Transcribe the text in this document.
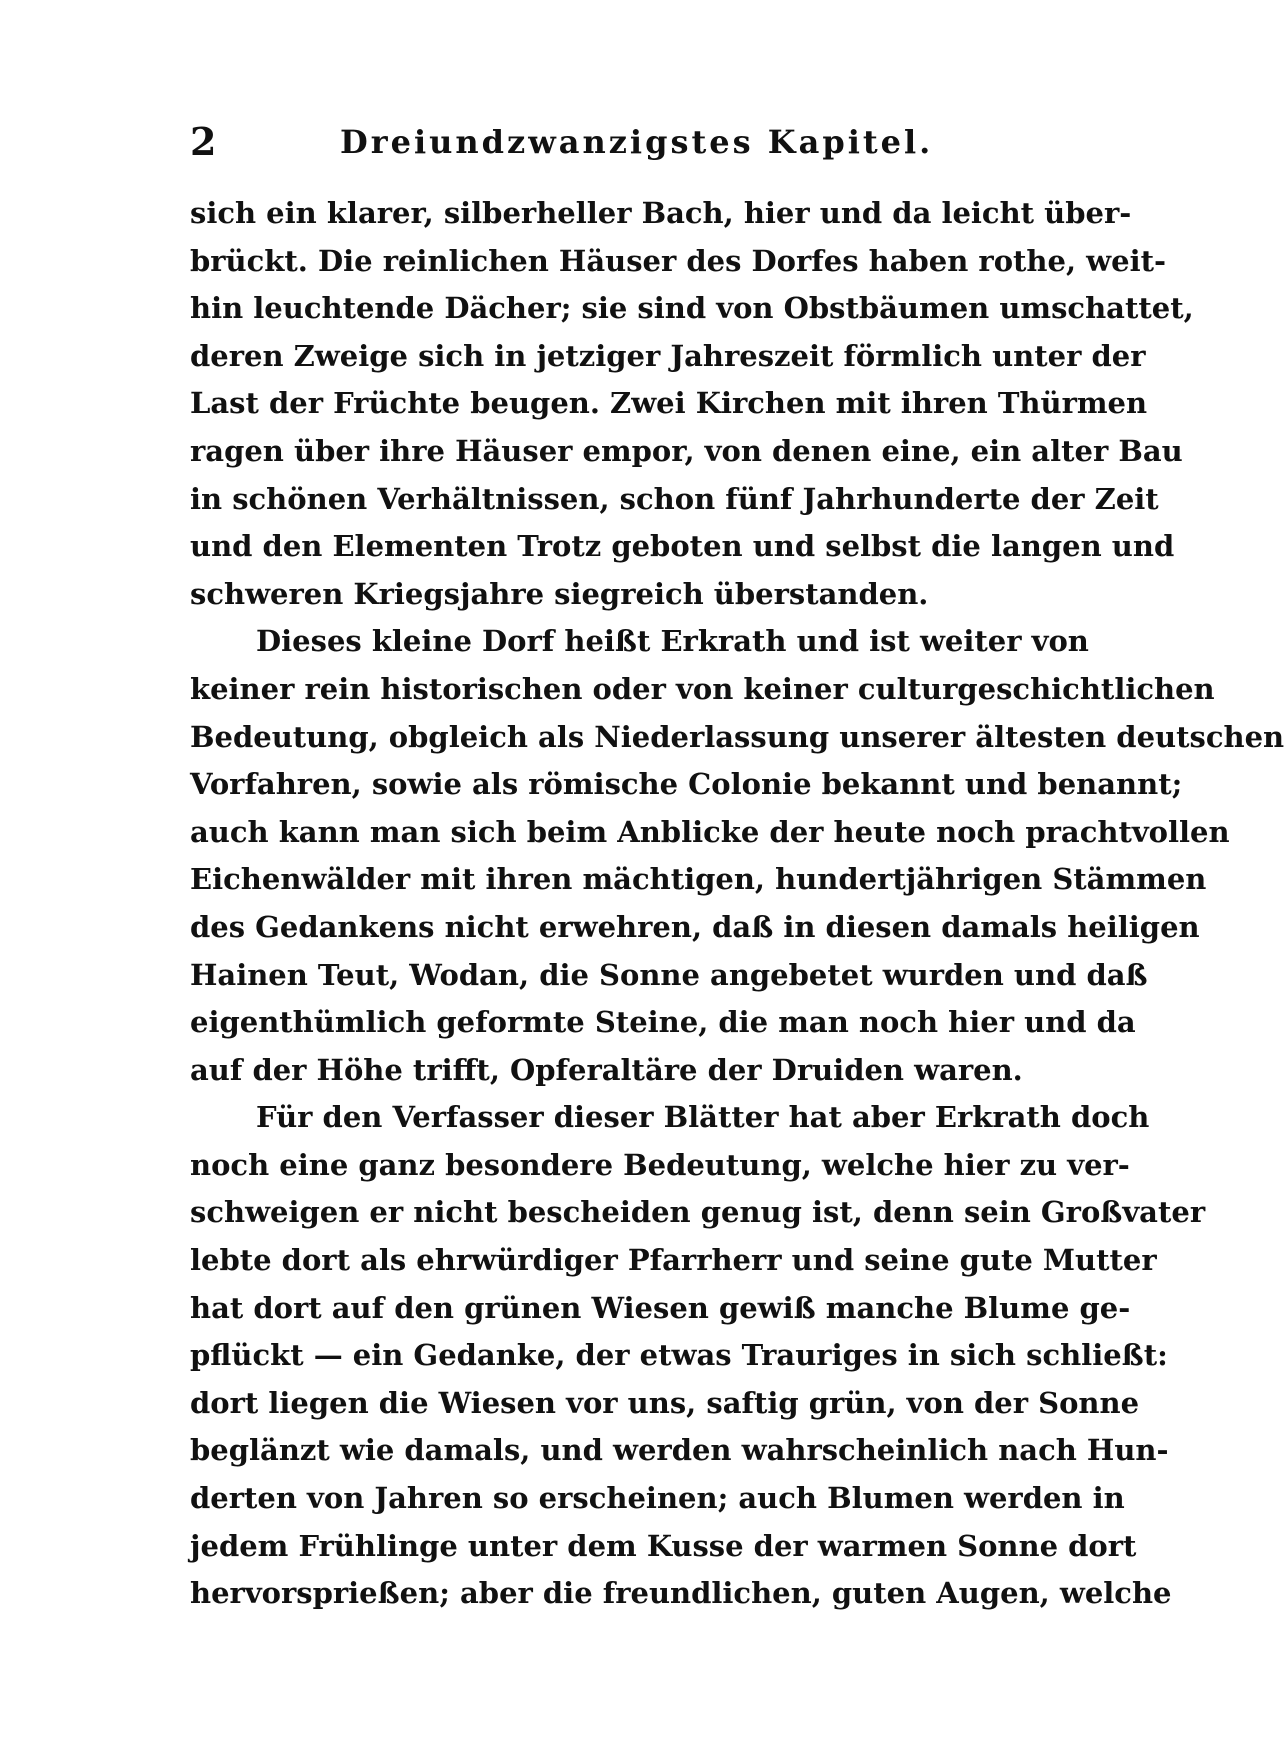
2	Dreiundzwanzigstes Kapitel.
sich ein klarer, silberheller Bach, hier und da leicht über-
brückt. Die reinlichen Häuser des Dorfes haben rothe, weit-
hin leuchtende Dächer; sie sind von Obstbäumen umschattet,
deren Zweige sich in jetziger Jahreszeit förmlich unter der
Last der Früchte beugen. Zwei Kirchen mit ihren Thürmen
ragen über ihre Häuser empor, von denen eine, ein alter Bau
in schönen Verhältnissen, schon fünf Jahrhunderte der Zeit
und den Elementen Trotz geboten und selbst die langen und
schweren Kriegsjahre siegreich überstanden.
Dieses kleine Dorf heißt Erkrath und ist weiter von
keiner rein historischen oder von keiner culturgeschichtlichen
Bedeutung, obgleich als Niederlassung unserer ältesten deutschen
Vorfahren, sowie als römische Colonie bekannt und benannt;
auch kann man sich beim Anblicke der heute noch prachtvollen
Eichenwälder mit ihren mächtigen, hundertjährigen Stämmen
des Gedankens nicht erwehren, daß in diesen damals heiligen
Hainen Teut, Wodan, die Sonne angebetet wurden und daß
eigenthümlich geformte Steine, die man noch hier und da
auf der Höhe trifft, Opferaltäre der Druiden waren.
Für den Verfasser dieser Blätter hat aber Erkrath doch
noch eine ganz besondere Bedeutung, welche hier zu ver-
schweigen er nicht bescheiden genug ist, denn sein Großvater
lebte dort als ehrwürdiger Pfarrherr und seine gute Mutter
hat dort auf den grünen Wiesen gewiß manche Blume ge-
pflückt — ein Gedanke, der etwas Trauriges in sich schließt:
dort liegen die Wiesen vor uns, saftig grün, von der Sonne
beglänzt wie damals, und werden wahrscheinlich nach Hun-
derten von Jahren so erscheinen; auch Blumen werden in
jedem Frühlinge unter dem Kusse der warmen Sonne dort
hervorsprießen; aber die freundlichen, guten Augen, welche
